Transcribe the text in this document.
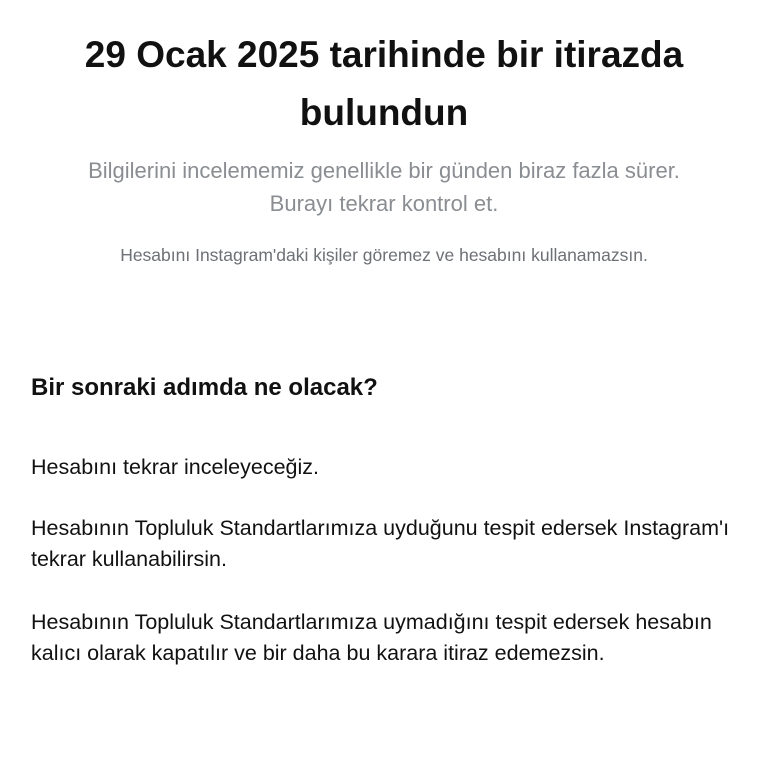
29 Ocak 2025 tarihinde bir itirazda bulundun

Bilgilerini incelememiz genellikle bir günden biraz fazla sürer. Burayı tekrar kontrol et.

Hesabını Instagram'daki kişiler göremez ve hesabını kullanamazsın.

Bir sonraki adımda ne olacak?

Hesabını tekrar inceleyeceğiz.

Hesabının Topluluk Standartlarımıza uyduğunu tespit edersek Instagram'ı tekrar kullanabilirsin.

Hesabının Topluluk Standartlarımıza uymadığını tespit edersek hesabın kalıcı olarak kapatılır ve bir daha bu karara itiraz edemezsin.
